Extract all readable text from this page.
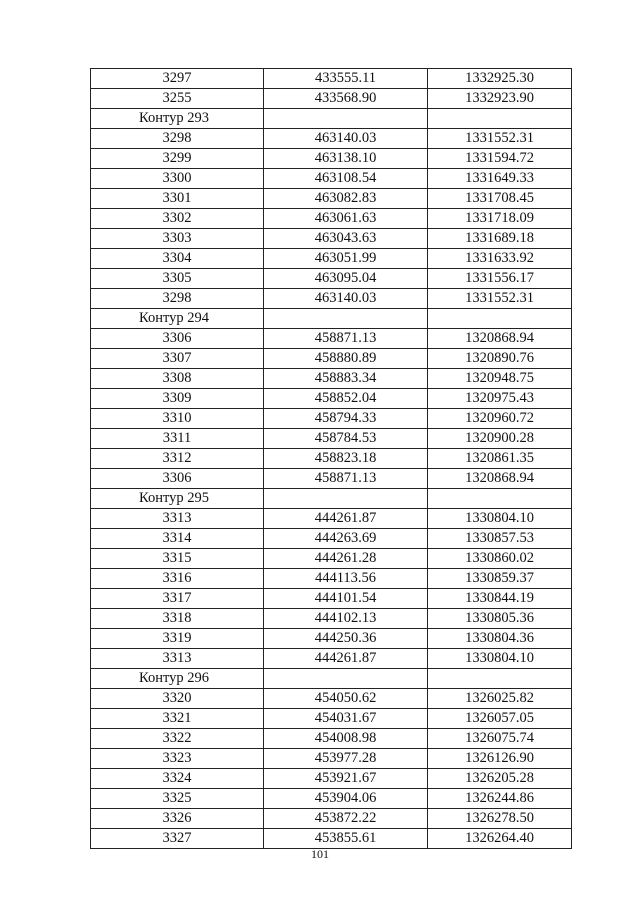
3297	433555.11	1332925.30
3255	433568.90	1332923.90
Контур 293		
3298	463140.03	1331552.31
3299	463138.10	1331594.72
3300	463108.54	1331649.33
3301	463082.83	1331708.45
3302	463061.63	1331718.09
3303	463043.63	1331689.18
3304	463051.99	1331633.92
3305	463095.04	1331556.17
3298	463140.03	1331552.31
Контур 294		
3306	458871.13	1320868.94
3307	458880.89	1320890.76
3308	458883.34	1320948.75
3309	458852.04	1320975.43
3310	458794.33	1320960.72
3311	458784.53	1320900.28
3312	458823.18	1320861.35
3306	458871.13	1320868.94
Контур 295		
3313	444261.87	1330804.10
3314	444263.69	1330857.53
3315	444261.28	1330860.02
3316	444113.56	1330859.37
3317	444101.54	1330844.19
3318	444102.13	1330805.36
3319	444250.36	1330804.36
3313	444261.87	1330804.10
Контур 296		
3320	454050.62	1326025.82
3321	454031.67	1326057.05
3322	454008.98	1326075.74
3323	453977.28	1326126.90
3324	453921.67	1326205.28
3325	453904.06	1326244.86
3326	453872.22	1326278.50
3327	453855.61	1326264.40
101
